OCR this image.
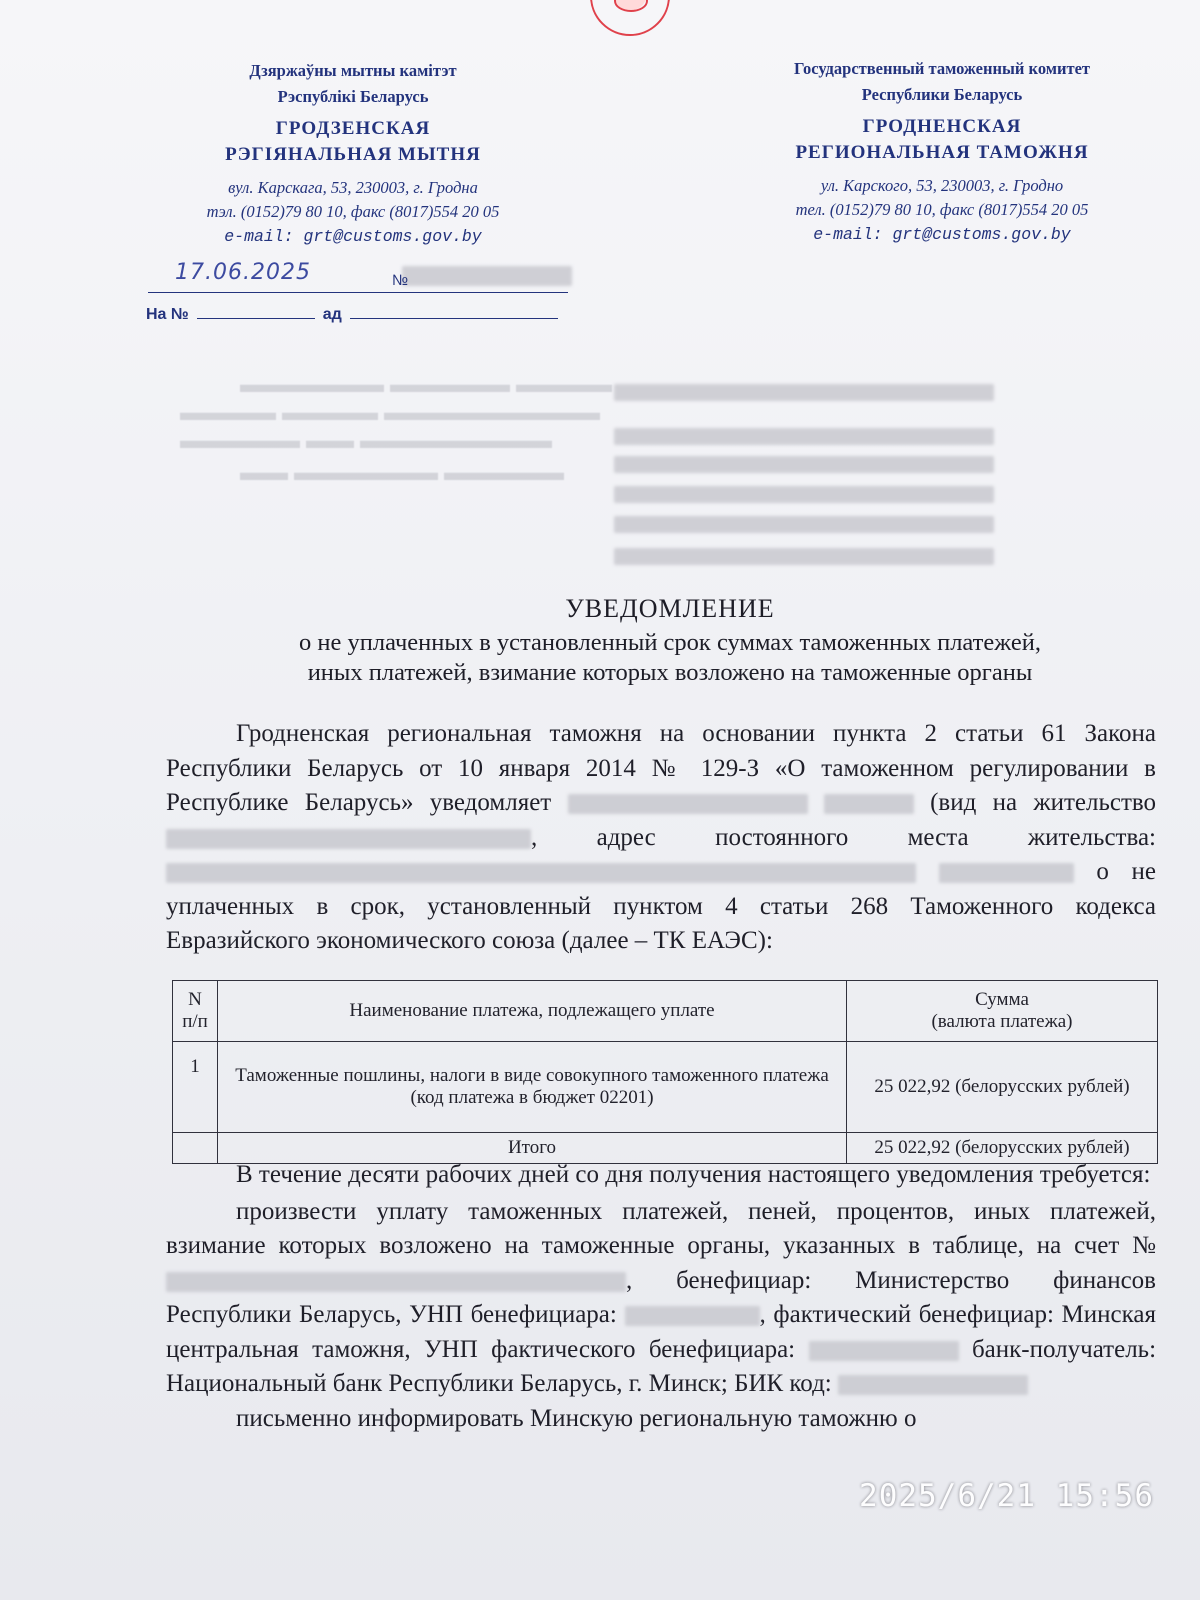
▬▬▬▬▬▬ ▬▬▬▬▬ ▬▬▬▬
▬▬▬▬ ▬▬▬▬ ▬▬▬▬▬▬▬▬▬
▬▬▬▬▬ ▬▬ ▬▬▬▬▬▬▬▬
▬▬ ▬▬▬▬▬▬ ▬▬▬▬▬
Дзяржаўны мытны камітэт
Рэспублікі Беларусь
ГРОДЗЕНСКАЯ
РЭГІЯНАЛЬНАЯ МЫТНЯ
вул. Карскага, 53, 230003, г. Гродна
тэл. (0152)79 80 10, факс (8017)554 20 05
e-mail: grt@customs.gov.by
Государственный таможенный комитет
Республики Беларусь
ГРОДНЕНСКАЯ
РЕГИОНАЛЬНАЯ ТАМОЖНЯ
ул. Карского, 53, 230003, г. Гродно
тел. (0152)79 80 10, факс (8017)554 20 05
e-mail: grt@customs.gov.by
17.06.2025	№
На №	ад
УВЕДОМЛЕНИЕ
о не уплаченных в установленный срок суммах таможенных платежей,
иных платежей, взимание которых возложено на таможенные органы

Гродненская региональная таможня на основании пункта 2 статьи 61 Закона Республики Беларусь от 10 января 2014 № 129-З «О таможенном регулировании в Республике Беларусь» уведомляет	(вид на жительство , адрес постоянного места жительства:   о не уплаченных в срок, установленный пунктом 4 статьи 268 Таможенного кодекса Евразийского экономического союза (далее – ТК ЕАЭС):

N п/п	Наименование платежа, подлежащего уплате	Сумма
(валюта платежа)

1	Таможенные пошлины, налоги в виде совокупного таможенного платежа (код платежа в бюджет 02201)	25 022,92 (белорусских рублей)
	Итого	25 022,92 (белорусских рублей)

В течение десяти рабочих дней со дня получения настоящего уведомления требуется:

произвести уплату таможенных платежей, пеней, процентов, иных платежей, взимание которых возложено на таможенные органы, указанных в таблице, на счет № , бенефициар: Министерство финансов Республики Беларусь, УНП бенефициара:	, фактический бенефициар: Минская центральная таможня, УНП фактического бенефициара:	банк-получатель: Национальный банк Республики Беларусь, г. Минск; БИК код:

письменно информировать Минскую региональную таможню о

2025/6/21 15:56
